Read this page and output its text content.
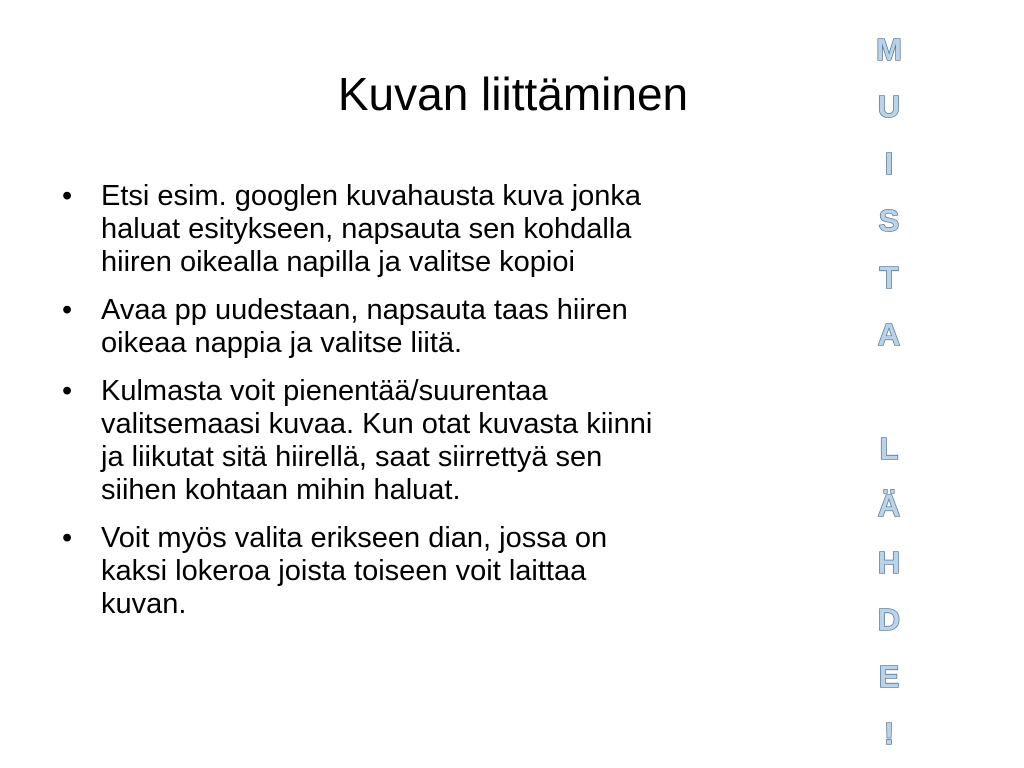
Kuvan liittäminen
• Etsi esim. googlen kuvahausta kuva jonka
haluat esitykseen, napsauta sen kohdalla
hiiren oikealla napilla ja valitse kopioi
• Avaa pp uudestaan, napsauta taas hiiren
oikeaa nappia ja valitse liitä.
• Kulmasta voit pienentää/suurentaa
valitsemaasi kuvaa. Kun otat kuvasta kiinni
ja liikutat sitä hiirellä, saat siirrettyä sen
siihen kohtaan mihin haluat.
• Voit myös valita erikseen dian, jossa on
kaksi lokeroa joista toiseen voit laittaa
kuvan.
M
U
I
S
T
A
L
Ä
H
D
E
!
